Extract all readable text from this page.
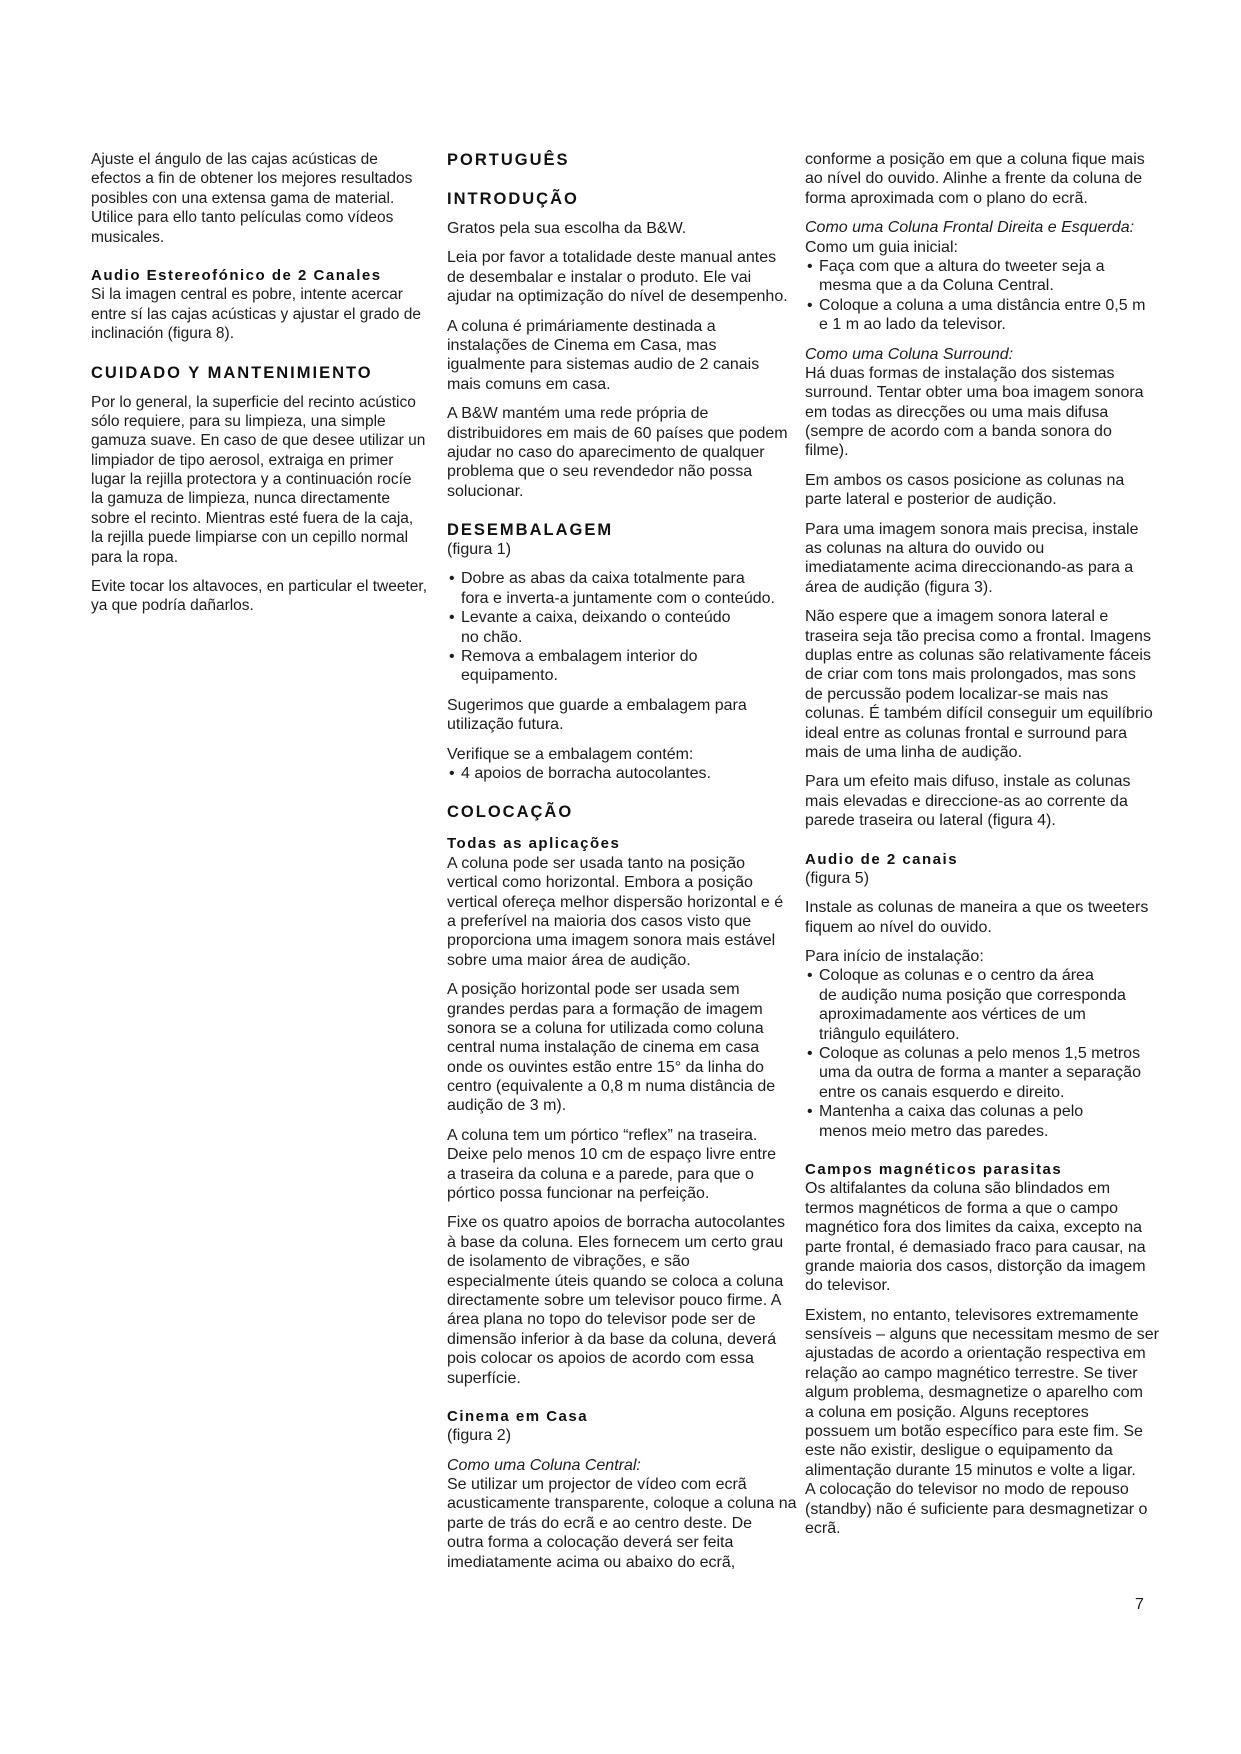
Ajuste el ángulo de las cajas acústicas de
efectos a fin de obtener los mejores resultados
posibles con una extensa gama de material.
Utilice para ello tanto películas como vídeos
musicales.
Audio Estereofónico de 2 Canales
Si la imagen central es pobre, intente acercar
entre sí las cajas acústicas y ajustar el grado de
inclinación (figura 8).
CUIDADO Y MANTENIMIENTO
Por lo general, la superficie del recinto acústico
sólo requiere, para su limpieza, una simple
gamuza suave. En caso de que desee utilizar un
limpiador de tipo aerosol, extraiga en primer
lugar la rejilla protectora y a continuación rocíe
la gamuza de limpieza, nunca directamente
sobre el recinto. Mientras esté fuera de la caja,
la rejilla puede limpiarse con un cepillo normal
para la ropa.
Evite tocar los altavoces, en particular el tweeter,
ya que podría dañarlos.
PORTUGUÊS
INTRODUÇÃO
Gratos pela sua escolha da B&W.
Leia por favor a totalidade deste manual antes
de desembalar e instalar o produto. Ele vai
ajudar na optimização do nível de desempenho.
A coluna é primáriamente destinada a
instalações de Cinema em Casa, mas
igualmente para sistemas audio de 2 canais
mais comuns em casa.
A B&W mantém uma rede própria de
distribuidores em mais de 60 países que podem
ajudar no caso do aparecimento de qualquer
problema que o seu revendedor não possa
solucionar.
DESEMBALAGEM
(figura 1)
• Dobre as abas da caixa totalmente para
fora e inverta-a juntamente com o conteúdo.
• Levante a caixa, deixando o conteúdo
no chão.
• Remova a embalagem interior do
equipamento.
Sugerimos que guarde a embalagem para
utilização futura.
Verifique se a embalagem contém:
• 4 apoios de borracha autocolantes.
COLOCAÇÃO
Todas as aplicações
A coluna pode ser usada tanto na posição
vertical como horizontal. Embora a posição
vertical ofereça melhor dispersão horizontal e é
a preferível na maioria dos casos visto que
proporciona uma imagem sonora mais estável
sobre uma maior área de audição.
A posição horizontal pode ser usada sem
grandes perdas para a formação de imagem
sonora se a coluna for utilizada como coluna
central numa instalação de cinema em casa
onde os ouvintes estão entre 15° da linha do
centro (equivalente a 0,8 m numa distância de
audição de 3 m).
A coluna tem um pórtico “reflex” na traseira.
Deixe pelo menos 10 cm de espaço livre entre
a traseira da coluna e a parede, para que o
pórtico possa funcionar na perfeição.
Fixe os quatro apoios de borracha autocolantes
à base da coluna. Eles fornecem um certo grau
de isolamento de vibrações, e são
especialmente úteis quando se coloca a coluna
directamente sobre um televisor pouco firme. A
área plana no topo do televisor pode ser de
dimensão inferior à da base da coluna, deverá
pois colocar os apoios de acordo com essa
superfície.
Cinema em Casa
(figura 2)
Como uma Coluna Central:
Se utilizar um projector de vídeo com ecrã
acusticamente transparente, coloque a coluna na
parte de trás do ecrã e ao centro deste. De
outra forma a colocação deverá ser feita
imediatamente acima ou abaixo do ecrã,
conforme a posição em que a coluna fique mais
ao nível do ouvido. Alinhe a frente da coluna de
forma aproximada com o plano do ecrã.
Como uma Coluna Frontal Direita e Esquerda:
Como um guia inicial:
• Faça com que a altura do tweeter seja a
mesma que a da Coluna Central.
• Coloque a coluna a uma distância entre 0,5 m
e 1 m ao lado da televisor.
Como uma Coluna Surround:
Há duas formas de instalação dos sistemas
surround. Tentar obter uma boa imagem sonora
em todas as direcções ou uma mais difusa
(sempre de acordo com a banda sonora do
filme).
Em ambos os casos posicione as colunas na
parte lateral e posterior de audição.
Para uma imagem sonora mais precisa, instale
as colunas na altura do ouvido ou
imediatamente acima direccionando-as para a
área de audição (figura 3).
Não espere que a imagem sonora lateral e
traseira seja tão precisa como a frontal. Imagens
duplas entre as colunas são relativamente fáceis
de criar com tons mais prolongados, mas sons
de percussão podem localizar-se mais nas
colunas. É também difícil conseguir um equilíbrio
ideal entre as colunas frontal e surround para
mais de uma linha de audição.
Para um efeito mais difuso, instale as colunas
mais elevadas e direccione-as ao corrente da
parede traseira ou lateral (figura 4).
Audio de 2 canais
(figura 5)
Instale as colunas de maneira a que os tweeters
fiquem ao nível do ouvido.
Para início de instalação:
• Coloque as colunas e o centro da área
de audição numa posição que corresponda
aproximadamente aos vértices de um
triângulo equilátero.
• Coloque as colunas a pelo menos 1,5 metros
uma da outra de forma a manter a separação
entre os canais esquerdo e direito.
• Mantenha a caixa das colunas a pelo
menos meio metro das paredes.
Campos magnéticos parasitas
Os altifalantes da coluna são blindados em
termos magnéticos de forma a que o campo
magnético fora dos limites da caixa, excepto na
parte frontal, é demasiado fraco para causar, na
grande maioria dos casos, distorção da imagem
do televisor.
Existem, no entanto, televisores extremamente
sensíveis – alguns que necessitam mesmo de ser
ajustadas de acordo a orientação respectiva em
relação ao campo magnético terrestre. Se tiver
algum problema, desmagnetize o aparelho com
a coluna em posição. Alguns receptores
possuem um botão específico para este fim. Se
este não existir, desligue o equipamento da
alimentação durante 15 minutos e volte a ligar.
A colocação do televisor no modo de repouso
(standby) não é suficiente para desmagnetizar o
ecrã.
7
